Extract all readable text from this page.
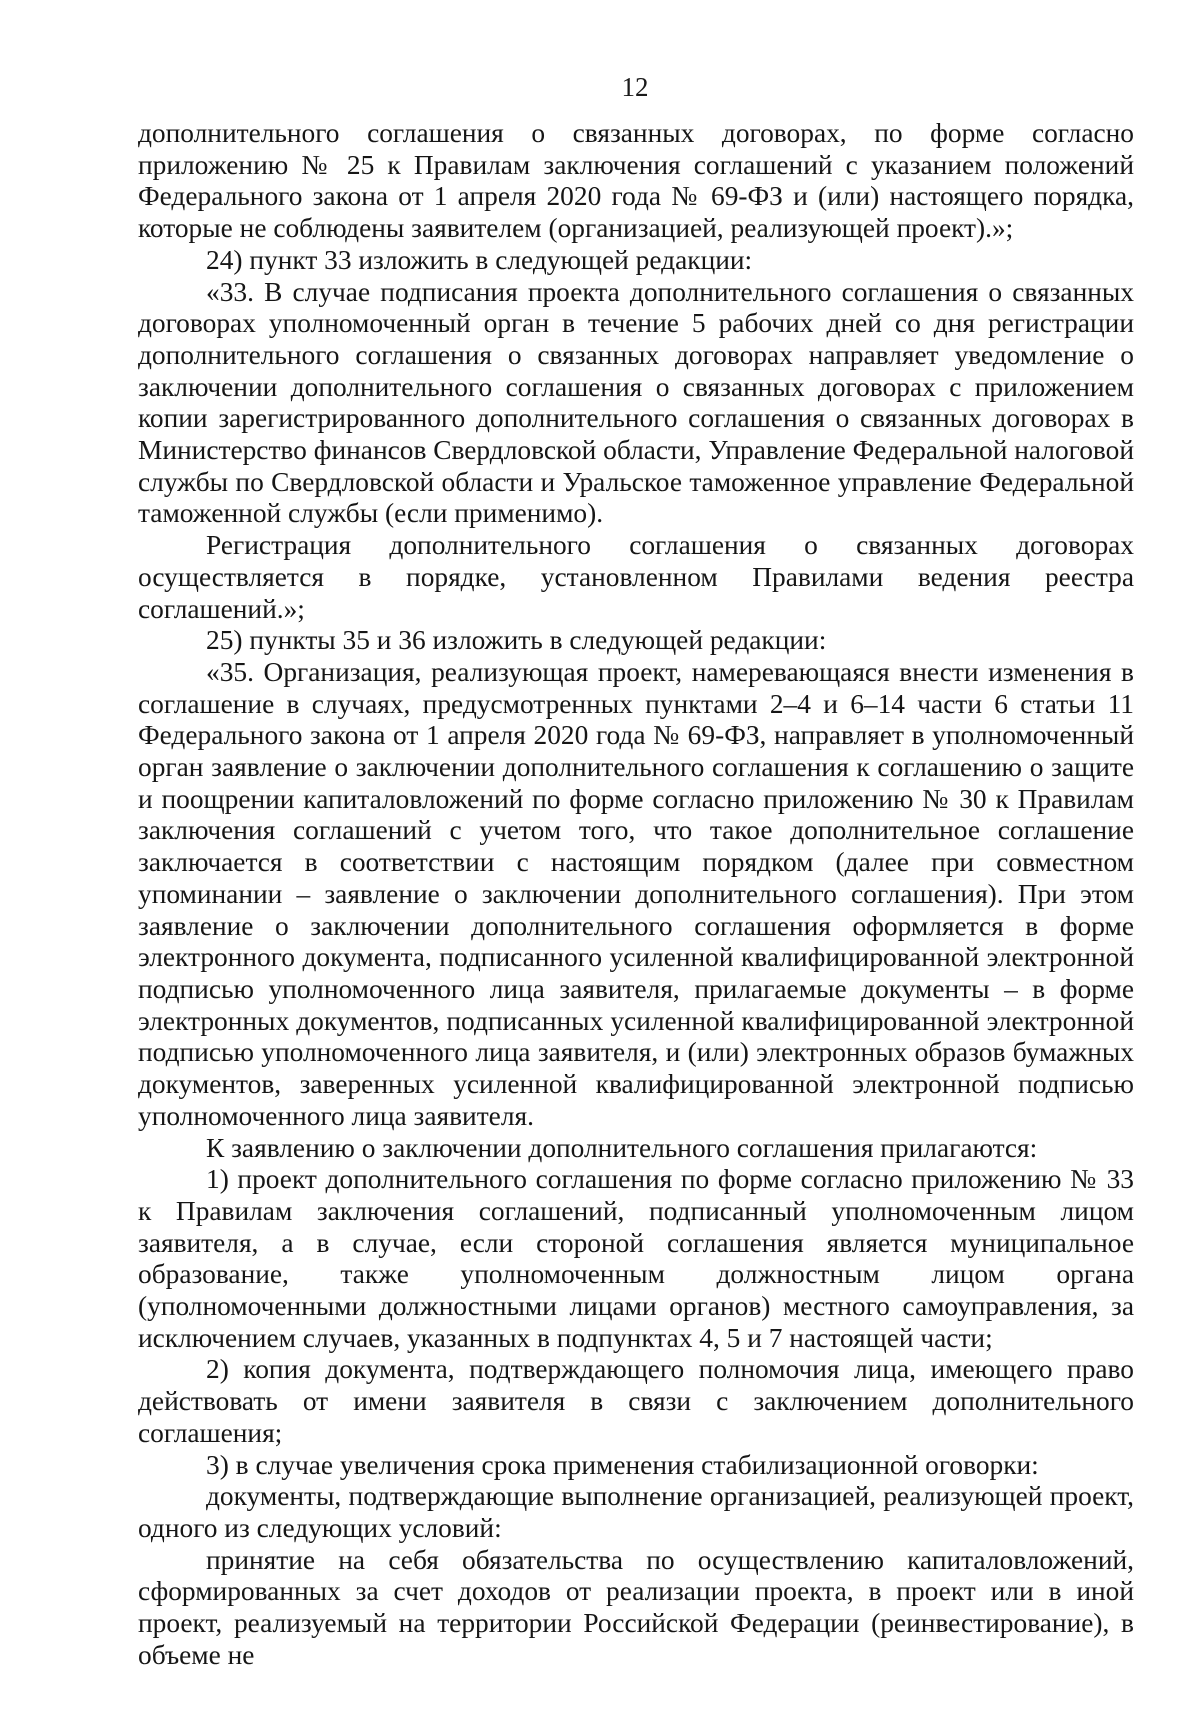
12

дополнительного соглашения о связанных договорах, по форме согласно приложению № 25 к Правилам заключения соглашений с указанием положений Федерального закона от 1 апреля 2020 года № 69-ФЗ и (или) настоящего порядка, которые не соблюдены заявителем (организацией, реализующей проект).»;

24) пункт 33 изложить в следующей редакции:

«33. В случае подписания проекта дополнительного соглашения о связанных договорах уполномоченный орган в течение 5 рабочих дней со дня регистрации дополнительного соглашения о связанных договорах направляет уведомление о заключении дополнительного соглашения о связанных договорах с приложением копии зарегистрированного дополнительного соглашения о связанных договорах в Министерство финансов Свердловской области, Управление Федеральной налоговой службы по Свердловской области и Уральское таможенное управление Федеральной таможенной службы (если применимо).

Регистрация дополнительного соглашения о связанных договорах осуществляется в порядке, установленном Правилами ведения реестра соглашений.»;

25) пункты 35 и 36 изложить в следующей редакции:

«35. Организация, реализующая проект, намеревающаяся внести изменения в соглашение в случаях, предусмотренных пунктами 2–4 и 6–14 части 6 статьи 11 Федерального закона от 1 апреля 2020 года № 69-ФЗ, направляет в уполномоченный орган заявление о заключении дополнительного соглашения к соглашению о защите и поощрении капиталовложений по форме согласно приложению № 30 к Правилам заключения соглашений с учетом того, что такое дополнительное соглашение заключается в соответствии с настоящим порядком (далее при совместном упоминании – заявление о заключении дополнительного соглашения). При этом заявление о заключении дополнительного соглашения оформляется в форме электронного документа, подписанного усиленной квалифицированной электронной подписью уполномоченного лица заявителя, прилагаемые документы – в форме электронных документов, подписанных усиленной квалифицированной электронной подписью уполномоченного лица заявителя, и (или) электронных образов бумажных документов, заверенных усиленной квалифицированной электронной подписью уполномоченного лица заявителя.

К заявлению о заключении дополнительного соглашения прилагаются:

1) проект дополнительного соглашения по форме согласно приложению № 33 к Правилам заключения соглашений, подписанный уполномоченным лицом заявителя, а в случае, если стороной соглашения является муниципальное образование, также уполномоченным должностным лицом органа (уполномоченными должностными лицами органов) местного самоуправления, за исключением случаев, указанных в подпунктах 4, 5 и 7 настоящей части;

2) копия документа, подтверждающего полномочия лица, имеющего право действовать от имени заявителя в связи с заключением дополнительного соглашения;

3) в случае увеличения срока применения стабилизационной оговорки:

документы, подтверждающие выполнение организацией, реализующей проект, одного из следующих условий:

принятие на себя обязательства по осуществлению капиталовложений, сформированных за счет доходов от реализации проекта, в проект или в иной проект, реализуемый на территории Российской Федерации (реинвестирование), в объеме не
